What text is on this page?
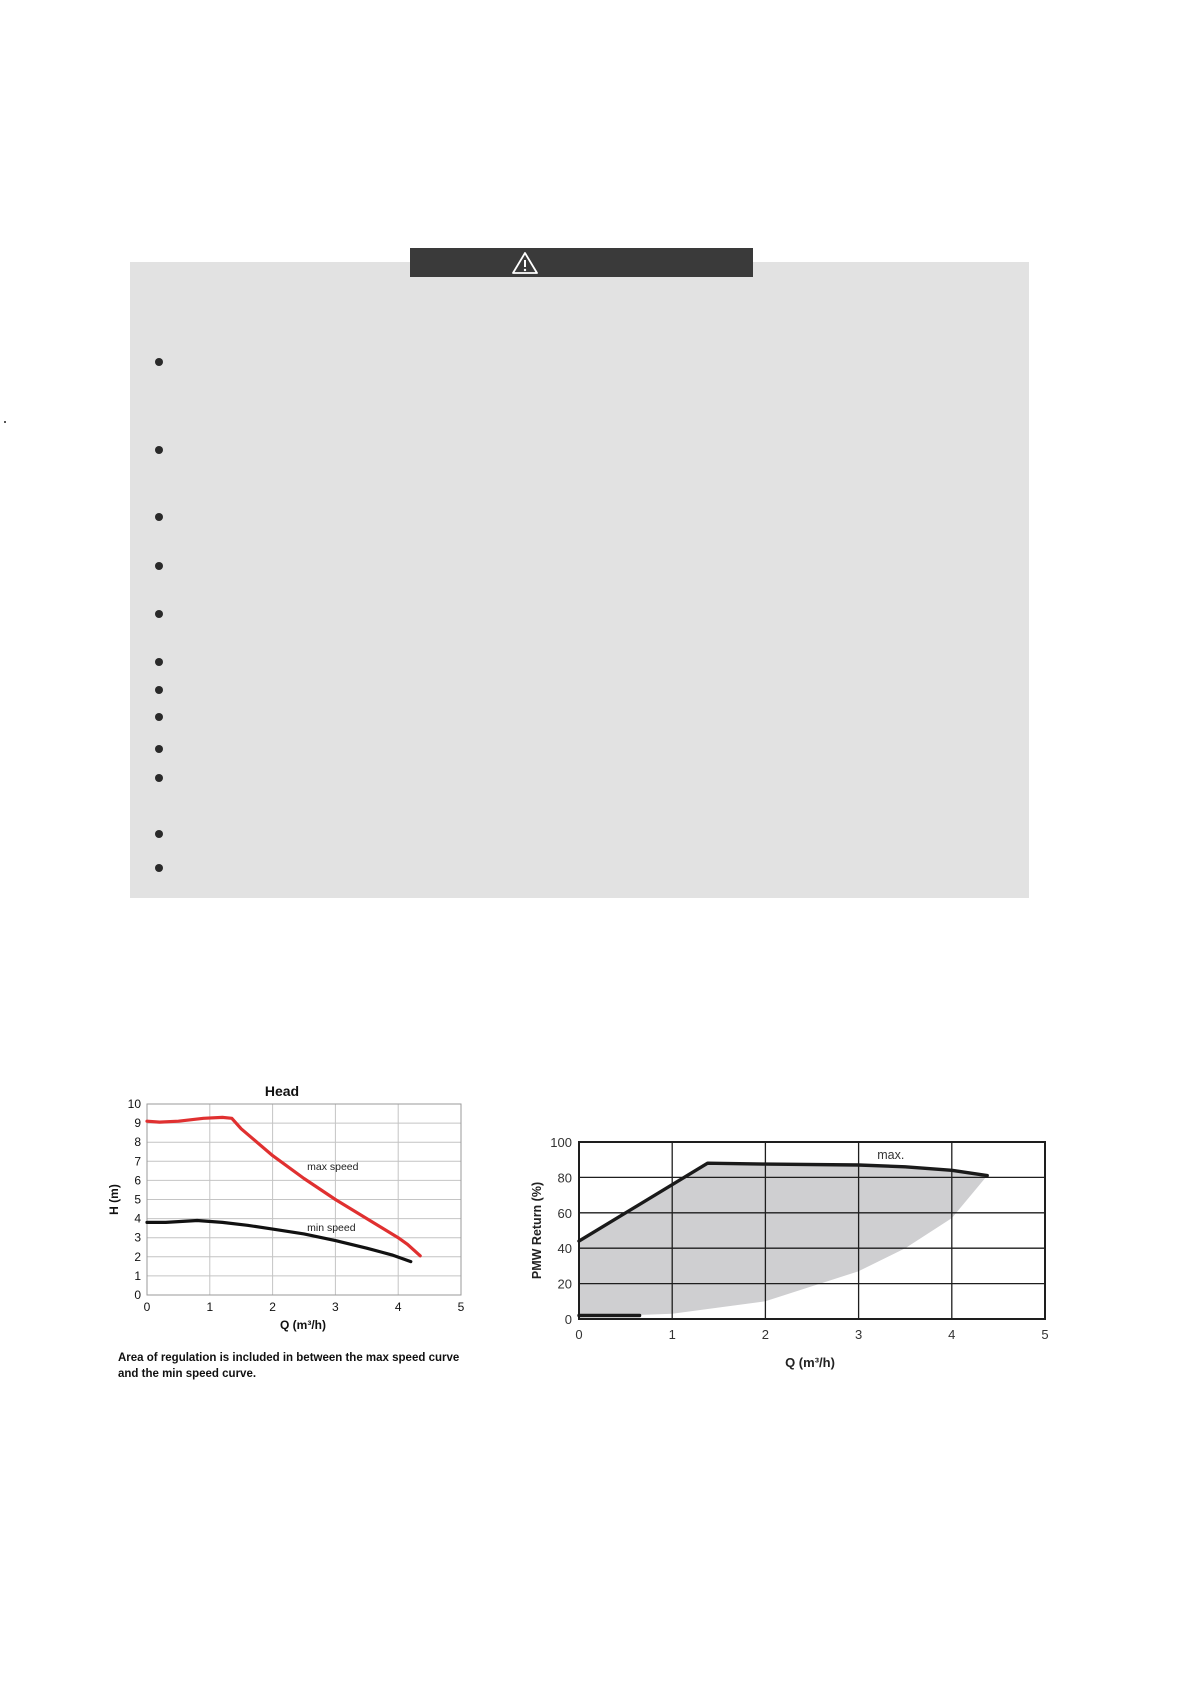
0
1
2
3
4
5
6
7
8
9
10
0	1	2	3	4	5
max speed
min speed
Head
Q (m³/h)
H (m)
0
20
40
60
80
100
0	1	2	3	4	5
max.
Q (m³/h)
PMW Return (%)
Area of regulation is included in between the max speed curve
and the min speed curve.
